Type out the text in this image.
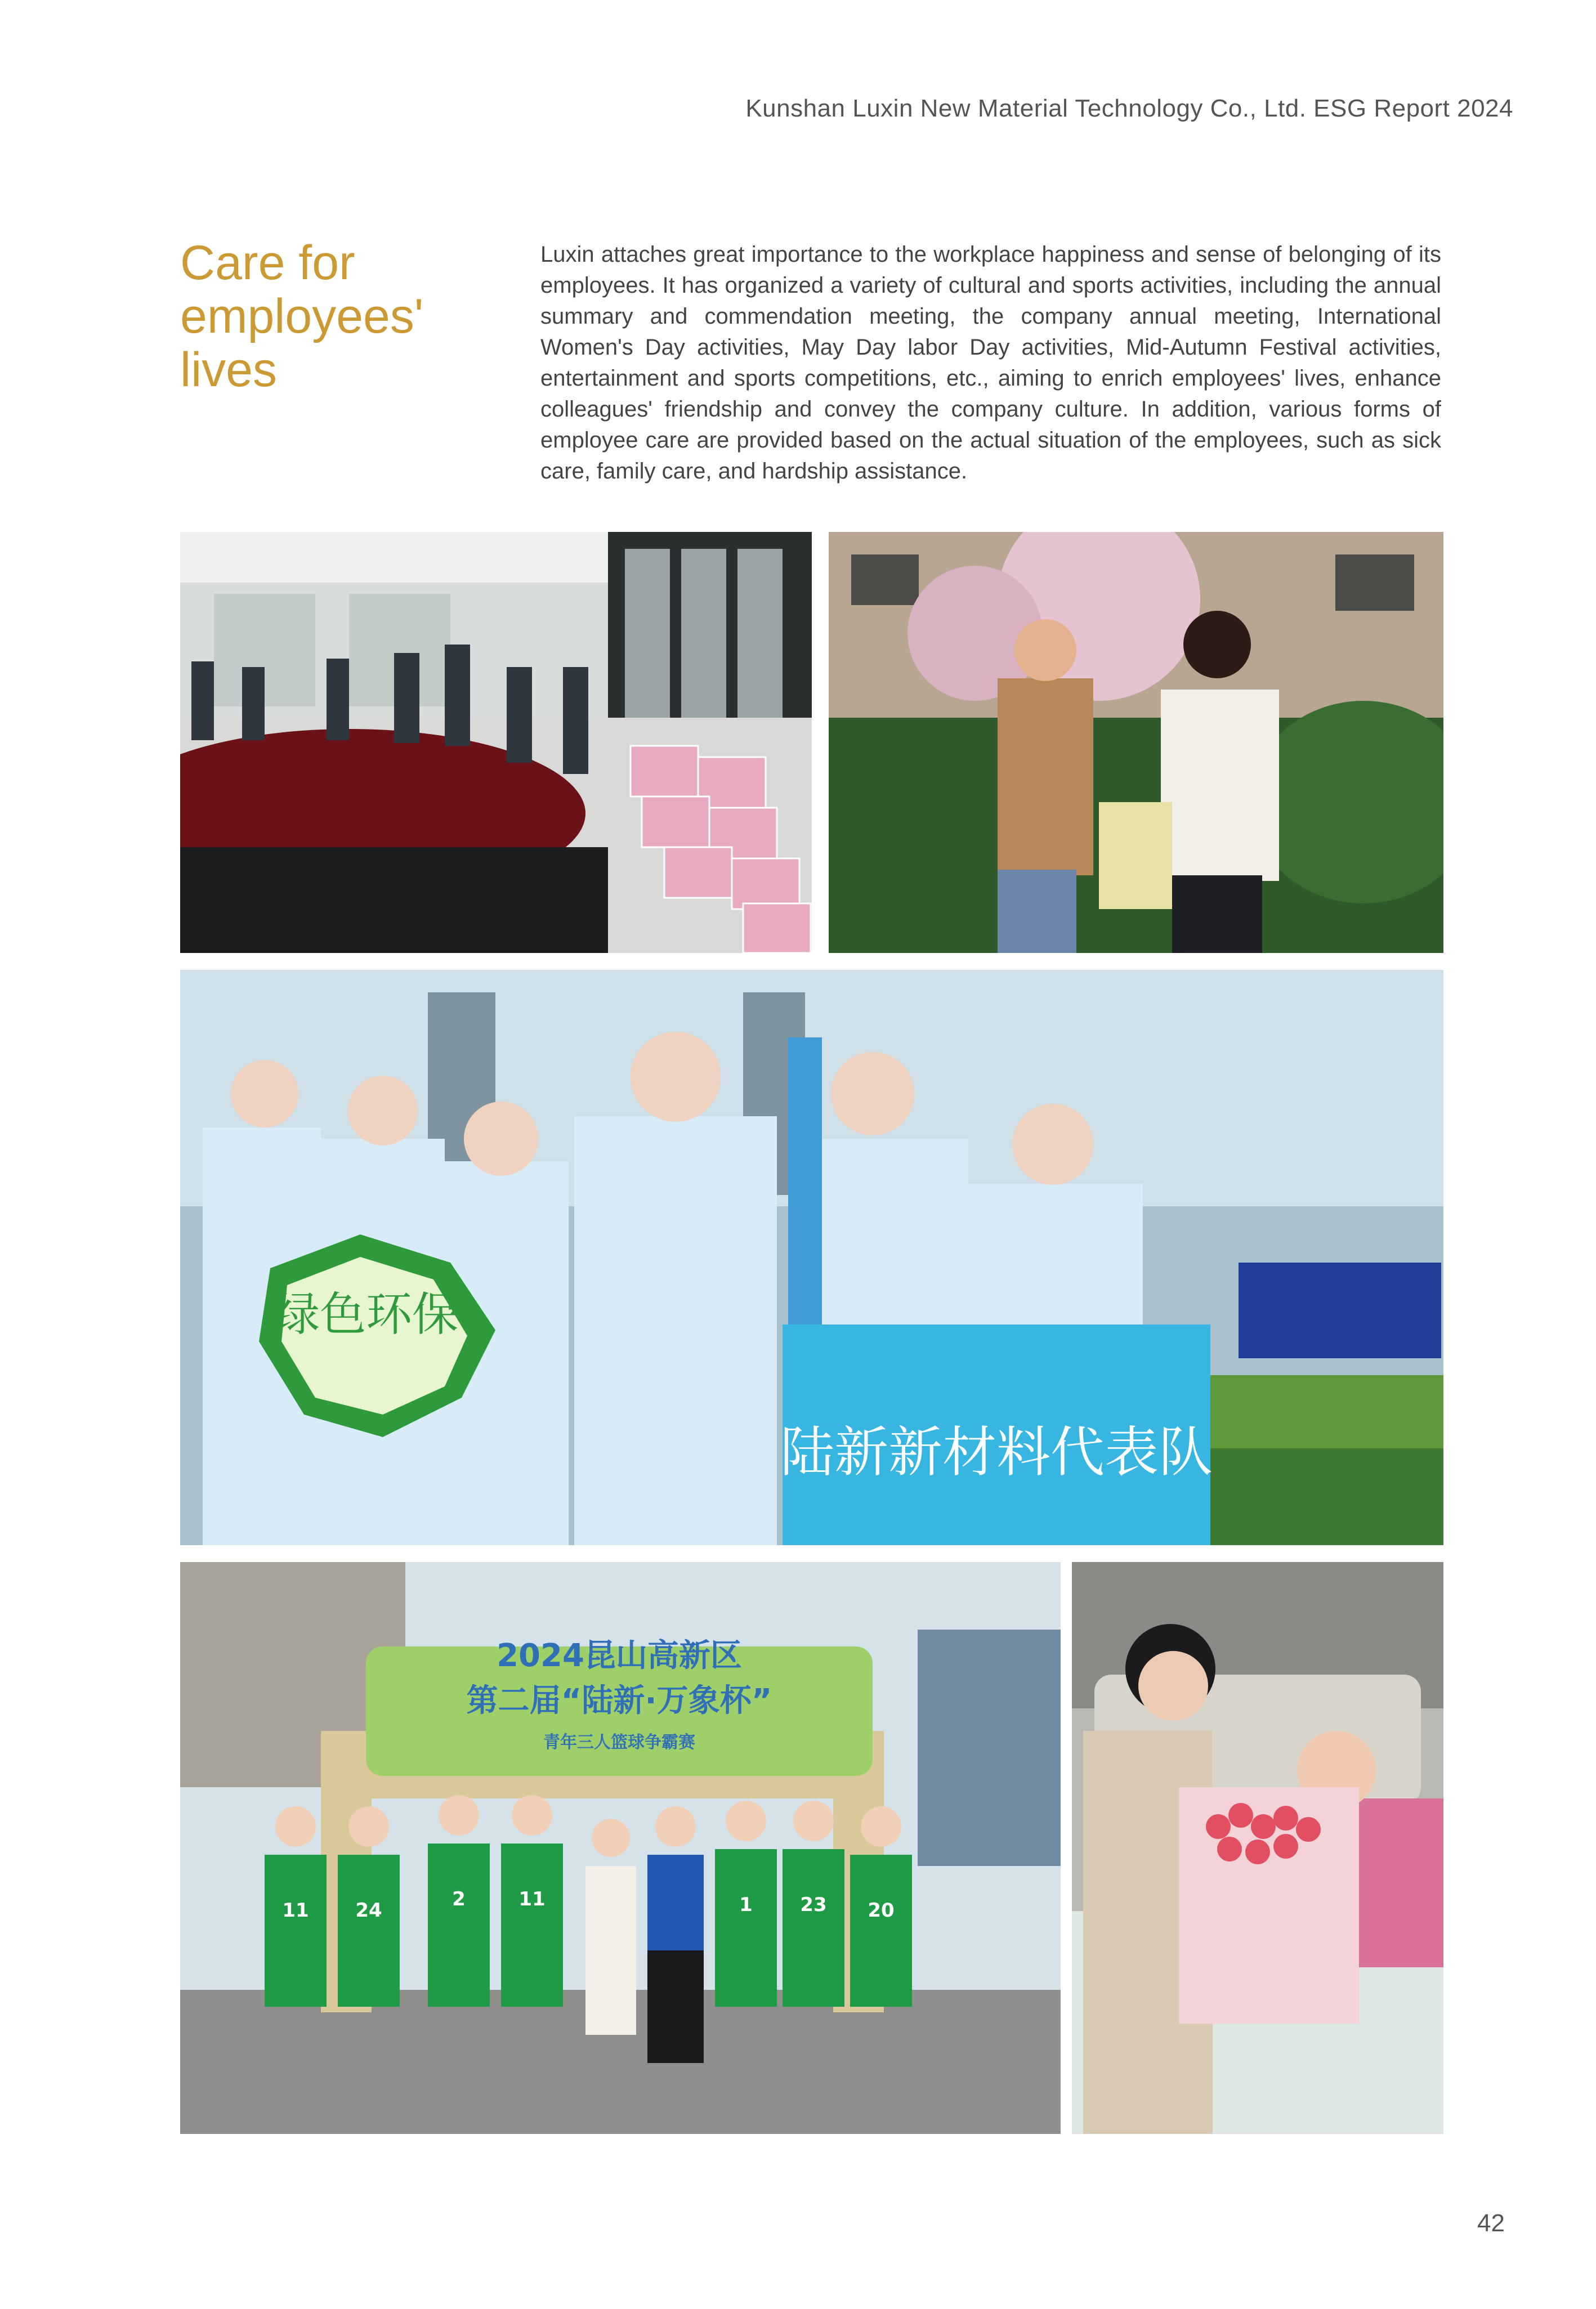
Kunshan Luxin New Material Technology Co., Ltd. ESG Report 2024
Care for employees' lives

Luxin attaches great importance to the workplace happiness and sense of belonging of its employees. It has organized a variety of cultural and sports activities, including the annual summary and commendation meeting, the company annual meeting, International Women's Day activities, May Day labor Day activities, Mid-Autumn Festival activities, entertainment and sports competitions, etc., aiming to enrich employees' lives, enhance colleagues' friendship and convey the company culture. In addition, various forms of employee care are provided based on the actual situation of the employees, such as sick care, family care, and hardship assistance.

绿色环保
陆新新材料代表队
2024昆山高新区
第二届“陆新·万象杯”
青年三人篮球争霸赛
11 24	2	11	1 23 20
42
